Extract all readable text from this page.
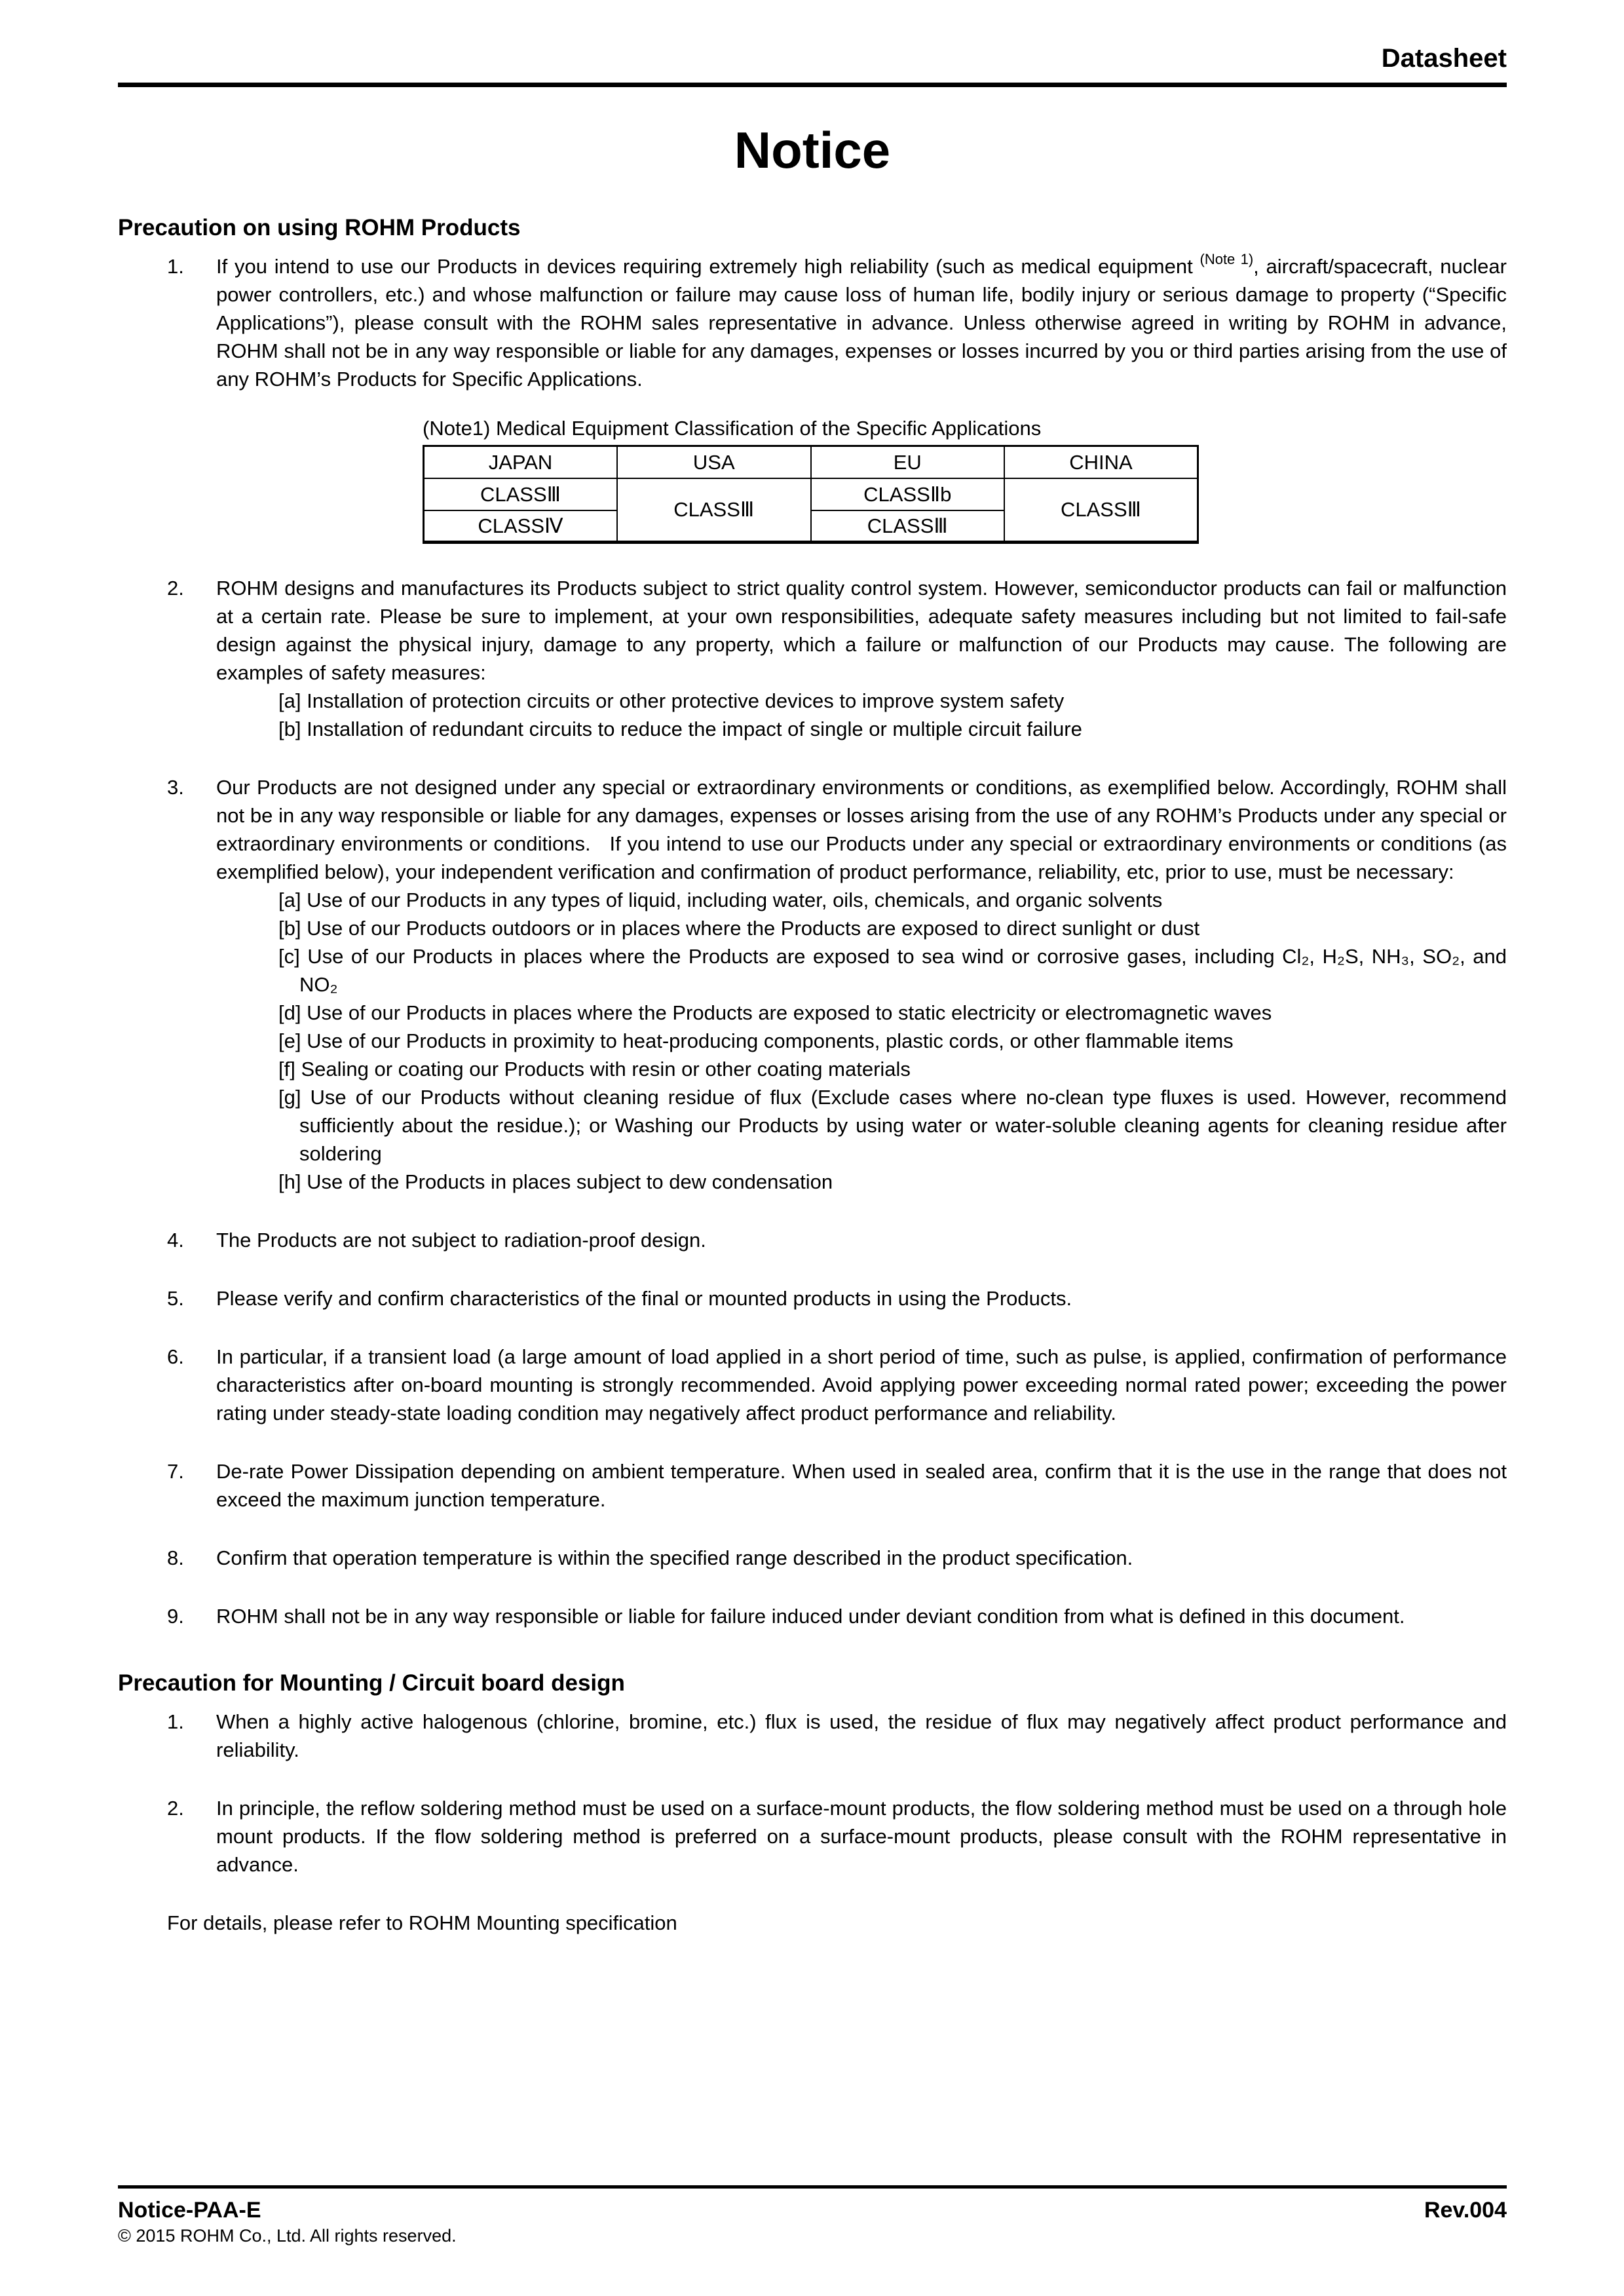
Datasheet
Notice
Precaution on using ROHM Products
1.	If you intend to use our Products in devices requiring extremely high reliability (such as medical equipment $^{(Note 1)}$, aircraft/spacecraft, nuclear power controllers, etc.) and whose malfunction or failure may cause loss of human life, bodily injury or serious damage to property (“Specific Applications”), please consult with the ROHM sales representative in advance. Unless otherwise agreed in writing by ROHM in advance, ROHM shall not be in any way responsible or liable for any damages, expenses or losses incurred by you or third parties arising from the use of any ROHM’s Products for Specific Applications.
(Note1) Medical Equipment Classification of the Specific Applications
JAPAN	USA	EU	CHINA
CLASSⅢ	CLASSⅢ	CLASSⅡb	CLASSⅢ
CLASSⅣ		CLASSⅢ	
2.	ROHM designs and manufactures its Products subject to strict quality control system. However, semiconductor products can fail or malfunction at a certain rate. Please be sure to implement, at your own responsibilities, adequate safety measures including but not limited to fail-safe design against the physical injury, damage to any property, which a failure or malfunction of our Products may cause. The following are examples of safety measures:
[a] Installation of protection circuits or other protective devices to improve system safety
[b] Installation of redundant circuits to reduce the impact of single or multiple circuit failure
3.	Our Products are not designed under any special or extraordinary environments or conditions, as exemplified below. Accordingly, ROHM shall not be in any way responsible or liable for any damages, expenses or losses arising from the use of any ROHM’s Products under any special or extraordinary environments or conditions.   If you intend to use our Products under any special or extraordinary environments or conditions (as exemplified below), your independent verification and confirmation of product performance, reliability, etc, prior to use, must be necessary:
[a] Use of our Products in any types of liquid, including water, oils, chemicals, and organic solvents
[b] Use of our Products outdoors or in places where the Products are exposed to direct sunlight or dust
[c] Use of our Products in places where the Products are exposed to sea wind or corrosive gases, including Cl₂, H₂S, NH₃, SO₂, and NO₂
[d] Use of our Products in places where the Products are exposed to static electricity or electromagnetic waves
[e] Use of our Products in proximity to heat-producing components, plastic cords, or other flammable items
[f] Sealing or coating our Products with resin or other coating materials
[g] Use of our Products without cleaning residue of flux (Exclude cases where no-clean type fluxes is used. However, recommend sufficiently about the residue.); or Washing our Products by using water or water-soluble cleaning agents for cleaning residue after soldering
[h] Use of the Products in places subject to dew condensation
4.	The Products are not subject to radiation-proof design.
5.	Please verify and confirm characteristics of the final or mounted products in using the Products.
6.	In particular, if a transient load (a large amount of load applied in a short period of time, such as pulse, is applied, confirmation of performance characteristics after on-board mounting is strongly recommended. Avoid applying power exceeding normal rated power; exceeding the power rating under steady-state loading condition may negatively affect product performance and reliability.
7.	De-rate Power Dissipation depending on ambient temperature. When used in sealed area, confirm that it is the use in the range that does not exceed the maximum junction temperature.
8.	Confirm that operation temperature is within the specified range described in the product specification.
9.	ROHM shall not be in any way responsible or liable for failure induced under deviant condition from what is defined in this document.
Precaution for Mounting / Circuit board design
1.	When a highly active halogenous (chlorine, bromine, etc.) flux is used, the residue of flux may negatively affect product performance and reliability.
2.	In principle, the reflow soldering method must be used on a surface-mount products, the flow soldering method must be used on a through hole mount products. If the flow soldering method is preferred on a surface-mount products, please consult with the ROHM representative in advance.
For details, please refer to ROHM Mounting specification
Notice-PAA-E
© 2015 ROHM Co., Ltd. All rights reserved.
Rev.004
